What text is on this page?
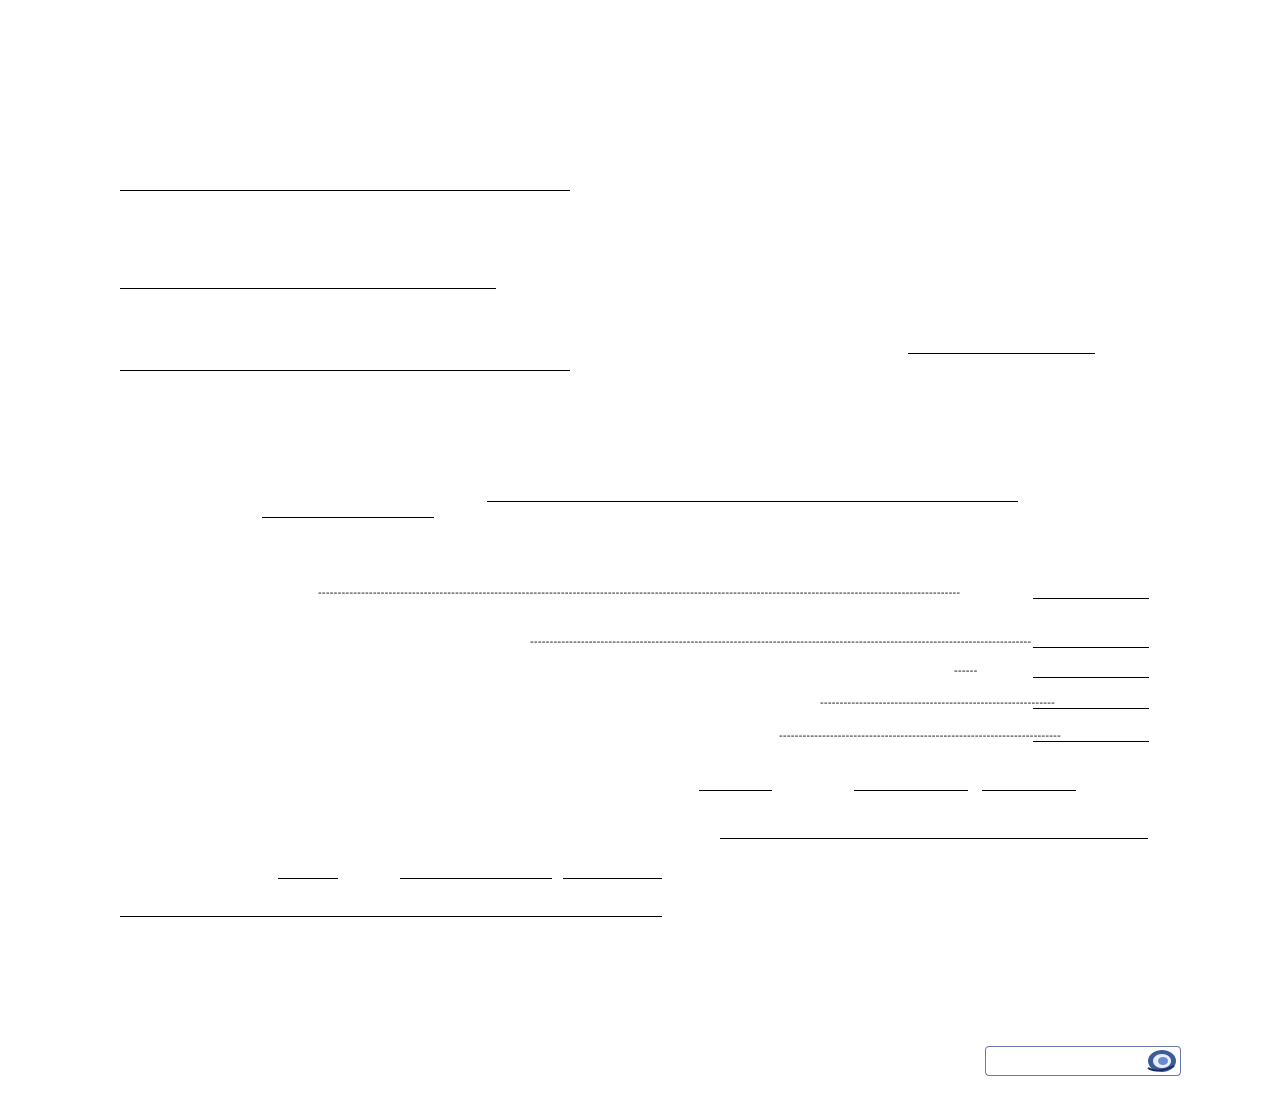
--------------------------------------------------------------------------------------------------------------------------------------------------------------------
--------------------------------------------------------------------------------------------------------------------------------
------
------------------------------------------------------------
------------------------------------------------------------------------
